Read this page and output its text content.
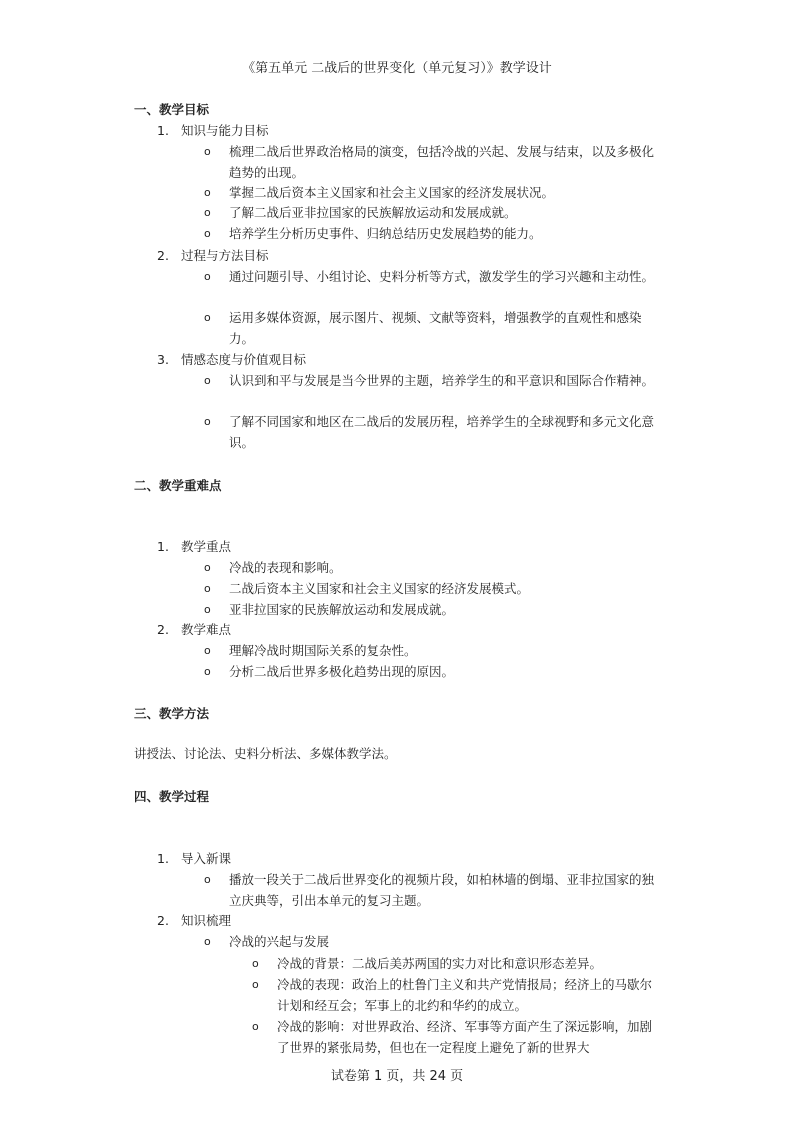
《第五单元 二战后的世界变化（单元复习）》教学设计
一、教学目标
1. 知识与能力目标
o 梳理二战后世界政治格局的演变，包括冷战的兴起、发展与结束，以及多极化趋势的出现。
o 掌握二战后资本主义国家和社会主义国家的经济发展状况。
o 了解二战后亚非拉国家的民族解放运动和发展成就。
o 培养学生分析历史事件、归纳总结历史发展趋势的能力。
2. 过程与方法目标
o 通过问题引导、小组讨论、史料分析等方式，激发学生的学习兴趣和主动性。
o 运用多媒体资源，展示图片、视频、文献等资料，增强教学的直观性和感染力。
3. 情感态度与价值观目标
o 认识到和平与发展是当今世界的主题，培养学生的和平意识和国际合作精神。
o 了解不同国家和地区在二战后的发展历程，培养学生的全球视野和多元文化意识。
二、教学重难点
1. 教学重点
o 冷战的表现和影响。
o 二战后资本主义国家和社会主义国家的经济发展模式。
o 亚非拉国家的民族解放运动和发展成就。
2. 教学难点
o 理解冷战时期国际关系的复杂性。
o 分析二战后世界多极化趋势出现的原因。
三、教学方法
讲授法、讨论法、史料分析法、多媒体教学法。
四、教学过程
1. 导入新课
o 播放一段关于二战后世界变化的视频片段，如柏林墙的倒塌、亚非拉国家的独立庆典等，引出本单元的复习主题。
2. 知识梳理
o 冷战的兴起与发展
o 冷战的背景：二战后美苏两国的实力对比和意识形态差异。
o 冷战的表现：政治上的杜鲁门主义和共产党情报局；经济上的马歇尔计划和经互会；军事上的北约和华约的成立。
o 冷战的影响：对世界政治、经济、军事等方面产生了深远影响，加剧了世界的紧张局势，但也在一定程度上避免了新的世界大
试卷第 1 页，共 24 页
